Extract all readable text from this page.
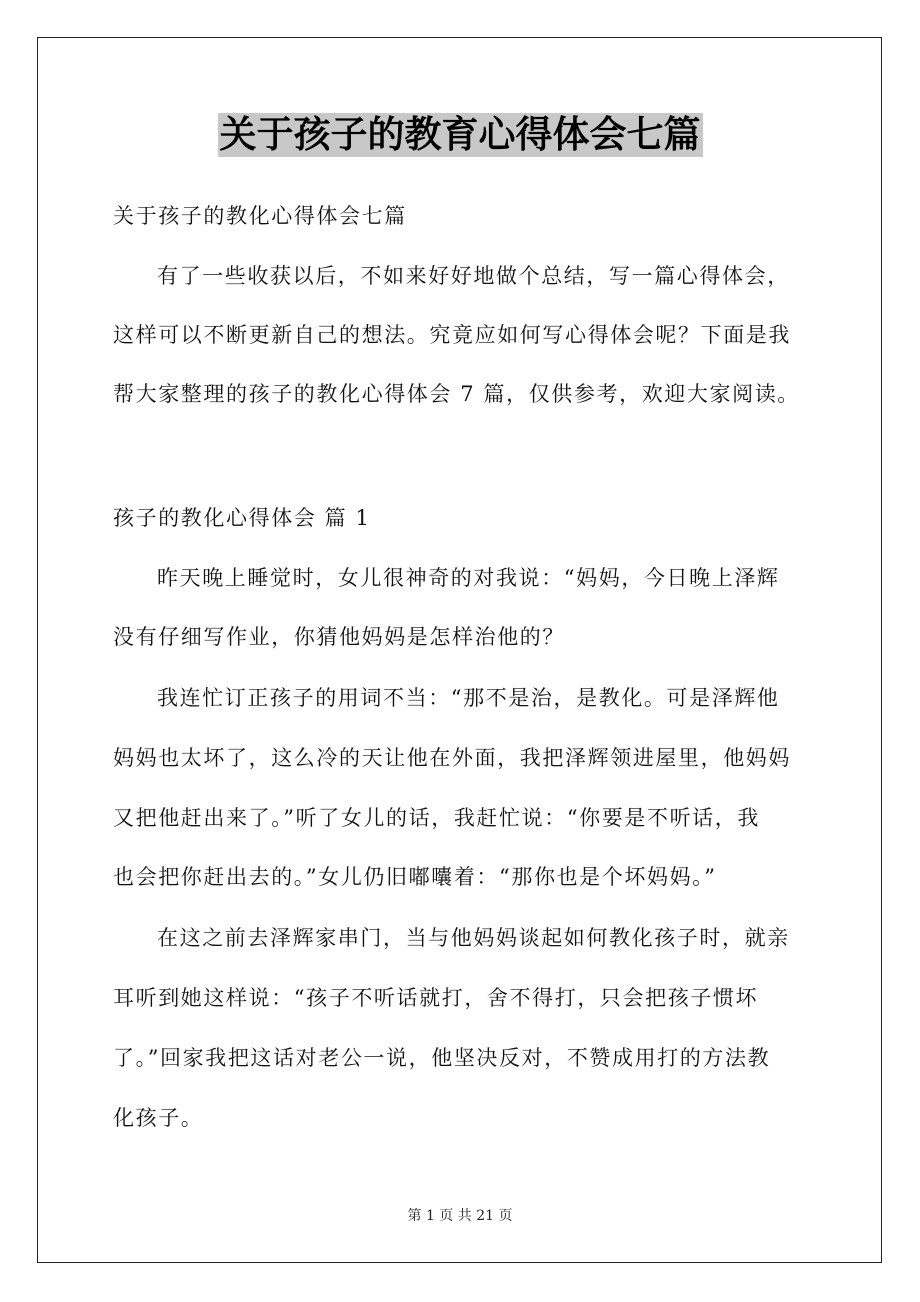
关于孩子的教育心得体会七篇
关于孩子的教化心得体会七篇
有了一些收获以后，不如来好好地做个总结，写一篇心得体会，
这样可以不断更新自己的想法。究竟应如何写心得体会呢？下面是我
帮大家整理的孩子的教化心得体会 7 篇，仅供参考，欢迎大家阅读。
孩子的教化心得体会 篇 1
昨天晚上睡觉时，女儿很神奇的对我说：“妈妈，今日晚上泽辉
没有仔细写作业，你猜他妈妈是怎样治他的？
我连忙订正孩子的用词不当：“那不是治，是教化。可是泽辉他
妈妈也太坏了，这么冷的天让他在外面，我把泽辉领进屋里，他妈妈
又把他赶出来了。”听了女儿的话，我赶忙说：“你要是不听话，我
也会把你赶出去的。”女儿仍旧嘟囔着：“那你也是个坏妈妈。”
在这之前去泽辉家串门，当与他妈妈谈起如何教化孩子时，就亲
耳听到她这样说：“孩子不听话就打，舍不得打，只会把孩子惯坏
了。”回家我把这话对老公一说，他坚决反对，不赞成用打的方法教
化孩子。
第 1 页 共 21 页
